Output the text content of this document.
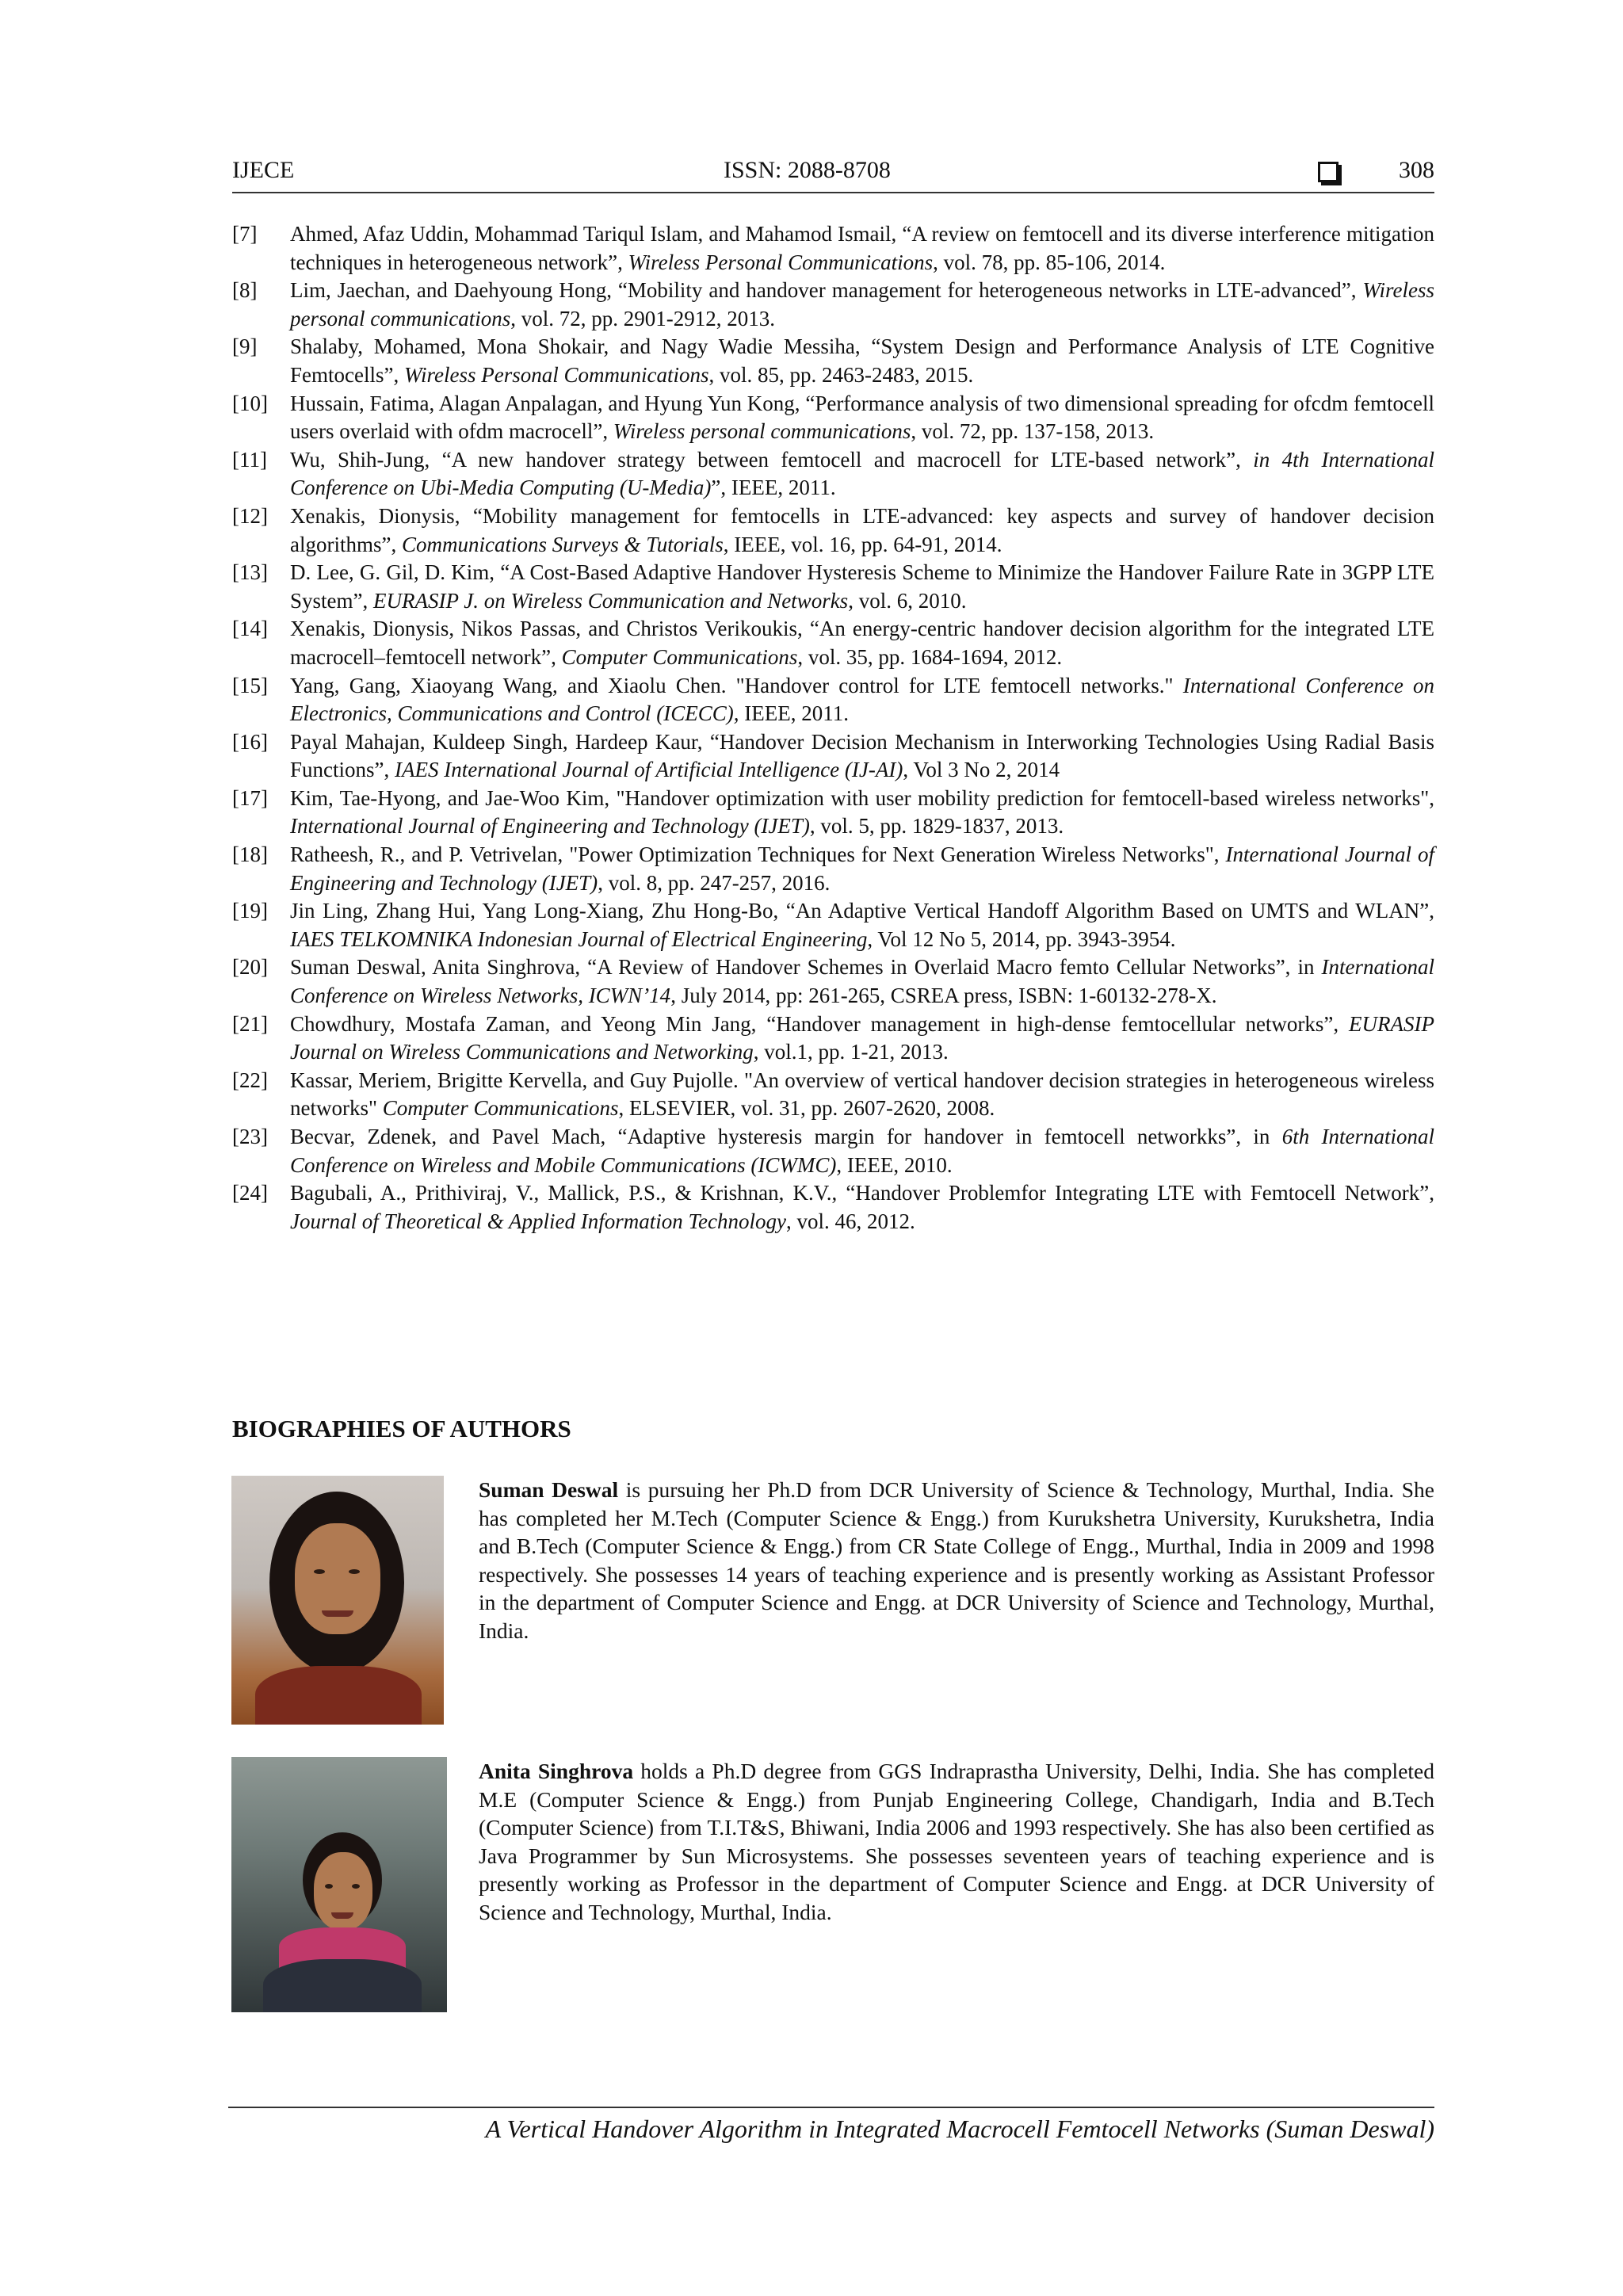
IJECE	ISSN: 2088-8708	308
[7] Ahmed, Afaz Uddin, Mohammad Tariqul Islam, and Mahamod Ismail, “A review on femtocell and its diverse interference mitigation techniques in heterogeneous network”, Wireless Personal Communications, vol. 78, pp. 85-106, 2014.
[8] Lim, Jaechan, and Daehyoung Hong, “Mobility and handover management for heterogeneous networks in LTE-advanced”, Wireless personal communications, vol. 72, pp. 2901-2912, 2013.
[9] Shalaby, Mohamed, Mona Shokair, and Nagy Wadie Messiha, “System Design and Performance Analysis of LTE Cognitive Femtocells”, Wireless Personal Communications, vol. 85, pp. 2463-2483, 2015.
[10] Hussain, Fatima, Alagan Anpalagan, and Hyung Yun Kong, “Performance analysis of two dimensional spreading for ofcdm femtocell users overlaid with ofdm macrocell”, Wireless personal communications, vol. 72, pp. 137-158, 2013.
[11] Wu, Shih-Jung, “A new handover strategy between femtocell and macrocell for LTE-based network”, in 4th International Conference on Ubi-Media Computing (U-Media)”, IEEE, 2011.
[12] Xenakis, Dionysis, “Mobility management for femtocells in LTE-advanced: key aspects and survey of handover decision algorithms”, Communications Surveys & Tutorials, IEEE, vol. 16, pp. 64-91, 2014.
[13] D. Lee, G. Gil, D. Kim, “A Cost-Based Adaptive Handover Hysteresis Scheme to Minimize the Handover Failure Rate in 3GPP LTE System”, EURASIP J. on Wireless Communication and Networks, vol. 6, 2010.
[14] Xenakis, Dionysis, Nikos Passas, and Christos Verikoukis, “An energy-centric handover decision algorithm for the integrated LTE macrocell–femtocell network”, Computer Communications, vol. 35, pp. 1684-1694, 2012.
[15] Yang, Gang, Xiaoyang Wang, and Xiaolu Chen. "Handover control for LTE femtocell networks." International Conference on Electronics, Communications and Control (ICECC), IEEE, 2011.
[16] Payal Mahajan, Kuldeep Singh, Hardeep Kaur, “Handover Decision Mechanism in Interworking Technologies Using Radial Basis Functions”, IAES International Journal of Artificial Intelligence (IJ-AI), Vol 3 No 2, 2014
[17] Kim, Tae-Hyong, and Jae-Woo Kim, "Handover optimization with user mobility prediction for femtocell-based wireless networks", International Journal of Engineering and Technology (IJET), vol. 5, pp. 1829-1837, 2013.
[18] Ratheesh, R., and P. Vetrivelan, "Power Optimization Techniques for Next Generation Wireless Networks", International Journal of Engineering and Technology (IJET), vol. 8, pp. 247-257, 2016.
[19] Jin Ling, Zhang Hui, Yang Long-Xiang, Zhu Hong-Bo, “An Adaptive Vertical Handoff Algorithm Based on UMTS and WLAN”, IAES TELKOMNIKA Indonesian Journal of Electrical Engineering, Vol 12 No 5, 2014, pp. 3943-3954.
[20] Suman Deswal, Anita Singhrova, “A Review of Handover Schemes in Overlaid Macro femto Cellular Networks”, in International Conference on Wireless Networks, ICWN’14, July 2014, pp: 261-265, CSREA press, ISBN: 1-60132-278-X.
[21] Chowdhury, Mostafa Zaman, and Yeong Min Jang, “Handover management in high-dense femtocellular networks”, EURASIP Journal on Wireless Communications and Networking, vol.1, pp. 1-21, 2013.
[22] Kassar, Meriem, Brigitte Kervella, and Guy Pujolle. "An overview of vertical handover decision strategies in heterogeneous wireless networks" Computer Communications, ELSEVIER, vol. 31, pp. 2607-2620, 2008.
[23] Becvar, Zdenek, and Pavel Mach, “Adaptive hysteresis margin for handover in femtocell networkks”, in 6th International Conference on Wireless and Mobile Communications (ICWMC), IEEE, 2010.
[24] Bagubali, A., Prithiviraj, V., Mallick, P.S., & Krishnan, K.V., “Handover Problemfor Integrating LTE with Femtocell Network”, Journal of Theoretical & Applied Information Technology, vol. 46, 2012.
BIOGRAPHIES OF AUTHORS
Suman Deswal is pursuing her Ph.D from DCR University of Science & Technology, Murthal, India. She has completed her M.Tech (Computer Science & Engg.) from Kurukshetra University, Kurukshetra, India and B.Tech (Computer Science & Engg.) from CR State College of Engg., Murthal, India in 2009 and 1998 respectively. She possesses 14 years of teaching experience and is presently working as Assistant Professor in the department of Computer Science and Engg. at DCR University of Science and Technology, Murthal, India.
Anita Singhrova holds a Ph.D degree from GGS Indraprastha University, Delhi, India. She has completed M.E (Computer Science & Engg.) from Punjab Engineering College, Chandigarh, India and B.Tech (Computer Science) from T.I.T&S, Bhiwani, India 2006 and 1993 respectively. She has also been certified as Java Programmer by Sun Microsystems. She possesses seventeen years of teaching experience and is presently working as Professor in the department of Computer Science and Engg. at DCR University of Science and Technology, Murthal, India.
A Vertical Handover Algorithm in Integrated Macrocell Femtocell Networks (Suman Deswal)
